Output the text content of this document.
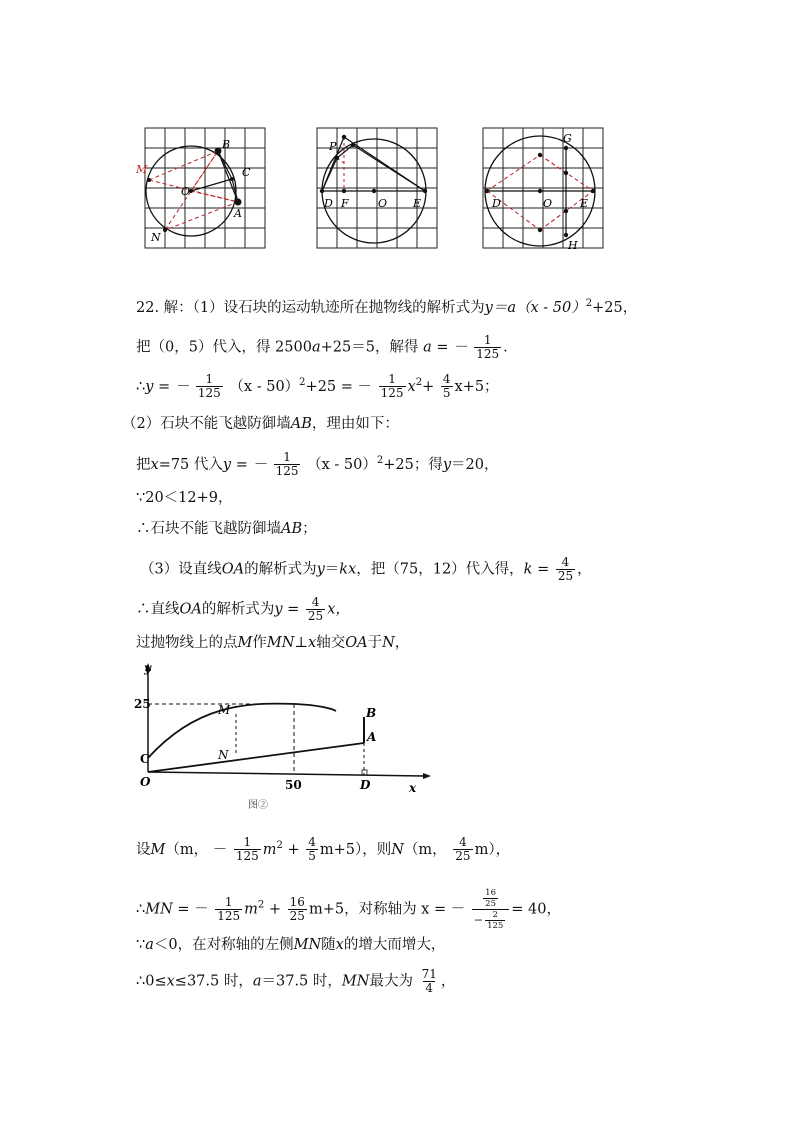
B
C
M
O
A
N
P
D F	O E
G
D	O	E
H
22. 解：（1）设石块的运动轨迹所在抛物线的解析式为y＝a（x - 50）$^2$+25，
把（0，5）代入，得 2500a+25＝5，解得 a = － $\frac{1}{125}$ .
∴y = － $\frac{1}{125} (x - 50)^2+25$ = － $\frac{1}{125} x^2+ \frac{4}{5} x+5$；
（2）石块不能飞越防御墙AB，理由如下：
把x=75 代入y = － $\frac{1}{125} (x - 50)^2+25$；得y＝20，
∵20＜12+9，
∴石块不能飞越防御墙AB；
（3）设直线OA的解析式为y＝kx，把（75，12）代入得，$k = \frac{4}{25}$ ，
∴直线OA的解析式为$y = \frac{4}{25}$ x，
过抛物线上的点M作MN⊥x轴交OA于N，
y
x
25
50
C
O
M
N
B
A
D
图②
设M（m， － $\frac{1}{125} m^2 + \frac{4}{5} m+5$），则N（m， $\frac{4}{25} m$），
∴MN = － $\frac{1}{125} m^2 + \frac{16}{25} m+5$，对称轴为 x = － $\frac{\frac{16}{25}}{- \frac{2}{125}} = 40$，
∵a＜0，在对称轴的左侧MN随x的增大而增大，
∴0≤x≤37.5 时，a＝37.5 时，MN最大为 $\frac{71}{4}$ ，
